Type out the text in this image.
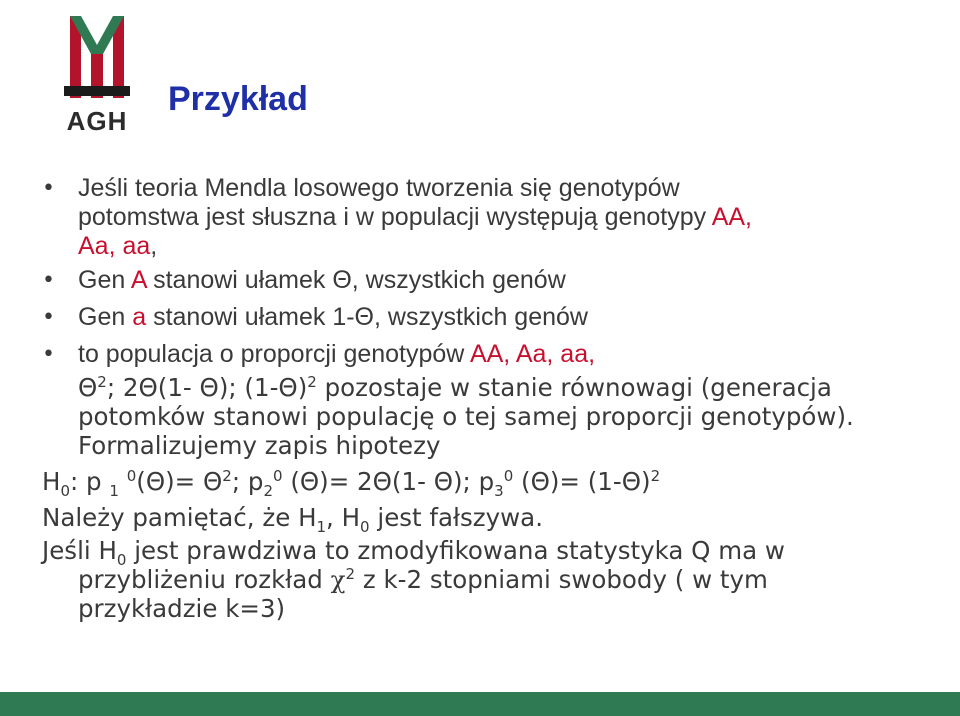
AGH
Przykład
• Jeśli teoria Mendla losowego tworzenia się genotypów
potomstwa jest słuszna i w populacji występują genotypy AA,
Aa, aa,
• Gen A stanowi ułamek Θ, wszystkich genów
• Gen a stanowi ułamek 1-Θ, wszystkich genów
• to populacja o proporcji genotypów AA, Aa, aa,
$\Theta^2$; 2Θ(1- Θ); $(1-\Theta)^2$ pozostaje w stanie równowagi (generacja
potomków stanowi populację o tej samej proporcji genotypów).
Formalizujemy zapis hipotezy
$H_0$: p $_1$ $^0(\Theta)= \Theta^2$; $p_2^0$ (Θ)= 2Θ(1- Θ); $p_3^0$ $(\Theta)= (1-\Theta)^2$
Należy pamiętać, że $H_1$, $H_0$ jest fałszywa.
Jeśli $H_0$ jest prawdziwa to zmodyfikowana statystyka Q ma w
przybliżeniu rozkład $\chi^2$ z k-2 stopniami swobody ( w tym
przykładzie k=3)
